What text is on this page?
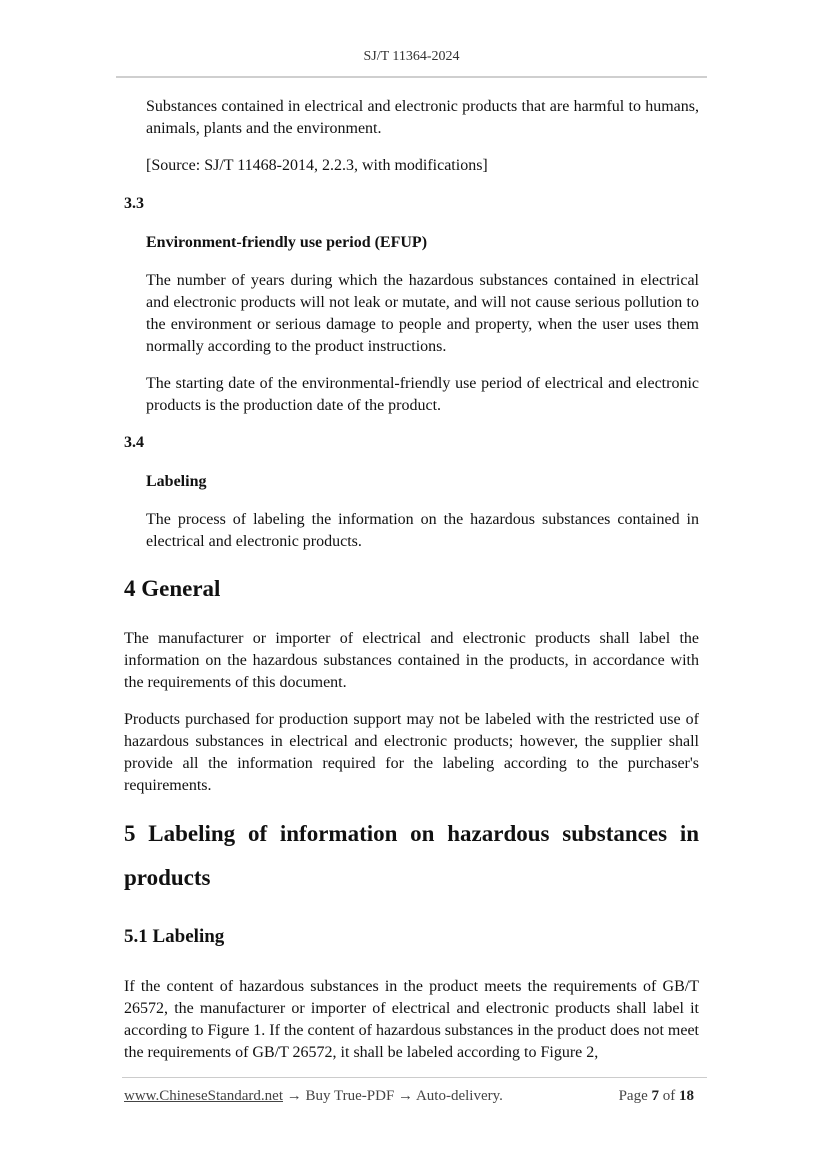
SJ/T 11364-2024

Substances contained in electrical and electronic products that are harmful to humans, animals, plants and the environment.

[Source: SJ/T 11468-2014, 2.2.3, with modifications]

3.3

Environment-friendly use period (EFUP)

The number of years during which the hazardous substances contained in electrical and electronic products will not leak or mutate, and will not cause serious pollution to the environment or serious damage to people and property, when the user uses them normally according to the product instructions.

The starting date of the environmental-friendly use period of electrical and electronic products is the production date of the product.

3.4

Labeling

The process of labeling the information on the hazardous substances contained in electrical and electronic products.

4 General

The manufacturer or importer of electrical and electronic products shall label the information on the hazardous substances contained in the products, in accordance with the requirements of this document.

Products purchased for production support may not be labeled with the restricted use of hazardous substances in electrical and electronic products; however, the supplier shall provide all the information required for the labeling according to the purchaser's requirements.

5 Labeling of information on hazardous substances in products
5.1 Labeling

If the content of hazardous substances in the product meets the requirements of GB/T 26572, the manufacturer or importer of electrical and electronic products shall label it according to Figure 1. If the content of hazardous substances in the product does not meet the requirements of GB/T 26572, it shall be labeled according to Figure 2,

www.ChineseStandard.net → Buy True-PDF → Auto-delivery.	Page 7 of 18
